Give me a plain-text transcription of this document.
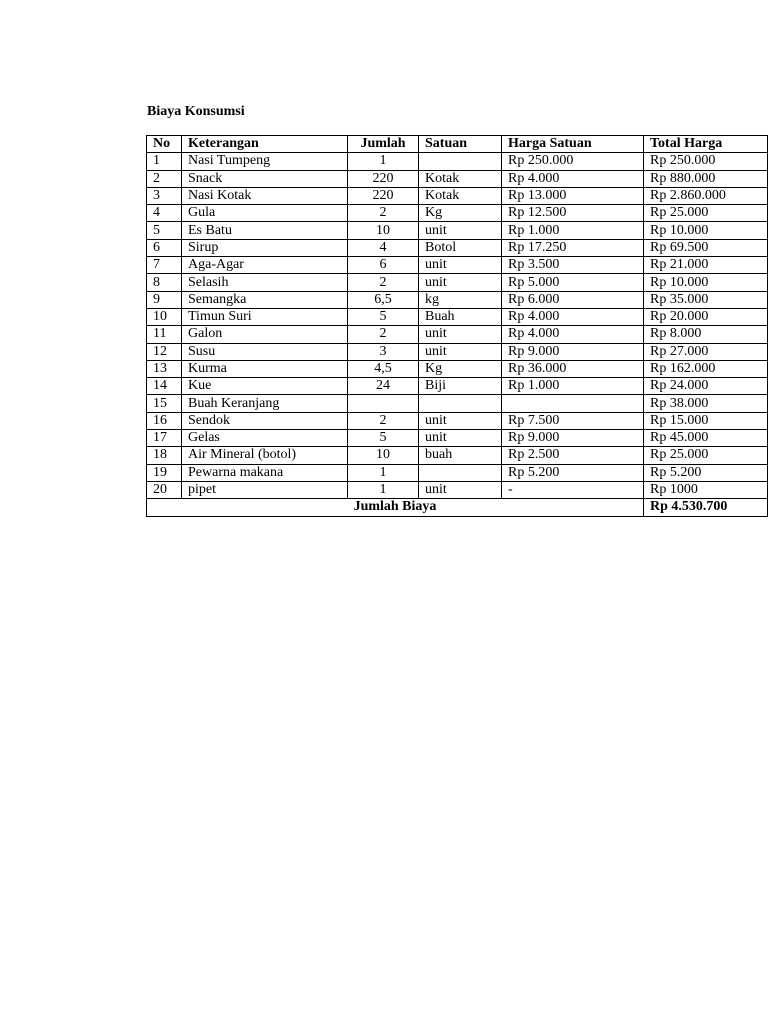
Biaya Konsumsi
No	Keterangan	Jumlah	Satuan	Harga Satuan	Total Harga
1	Nasi Tumpeng	1		Rp 250.000	Rp 250.000
2	Snack	220	Kotak	Rp 4.000	Rp 880.000
3	Nasi Kotak	220	Kotak	Rp 13.000	Rp 2.860.000
4	Gula	2	Kg	Rp 12.500	Rp 25.000
5	Es Batu	10	unit	Rp 1.000	Rp 10.000
6	Sirup	4	Botol	Rp 17.250	Rp 69.500
7	Aga-Agar	6	unit	Rp 3.500	Rp 21.000
8	Selasih	2	unit	Rp 5.000	Rp 10.000
9	Semangka	6,5	kg	Rp 6.000	Rp 35.000
10	Timun Suri	5	Buah	Rp 4.000	Rp 20.000
11	Galon	2	unit	Rp 4.000	Rp 8.000
12	Susu	3	unit	Rp 9.000	Rp 27.000
13	Kurma	4,5	Kg	Rp 36.000	Rp 162.000
14	Kue	24	Biji	Rp 1.000	Rp 24.000
15	Buah Keranjang				Rp 38.000
16	Sendok	2	unit	Rp 7.500	Rp 15.000
17	Gelas	5	unit	Rp 9.000	Rp 45.000
18	Air Mineral (botol)	10	buah	Rp 2.500	Rp 25.000
19	Pewarna makana	1		Rp 5.200	Rp 5.200
20	pipet	1	unit	-	Rp 1000
Jumlah Biaya					Rp 4.530.700
